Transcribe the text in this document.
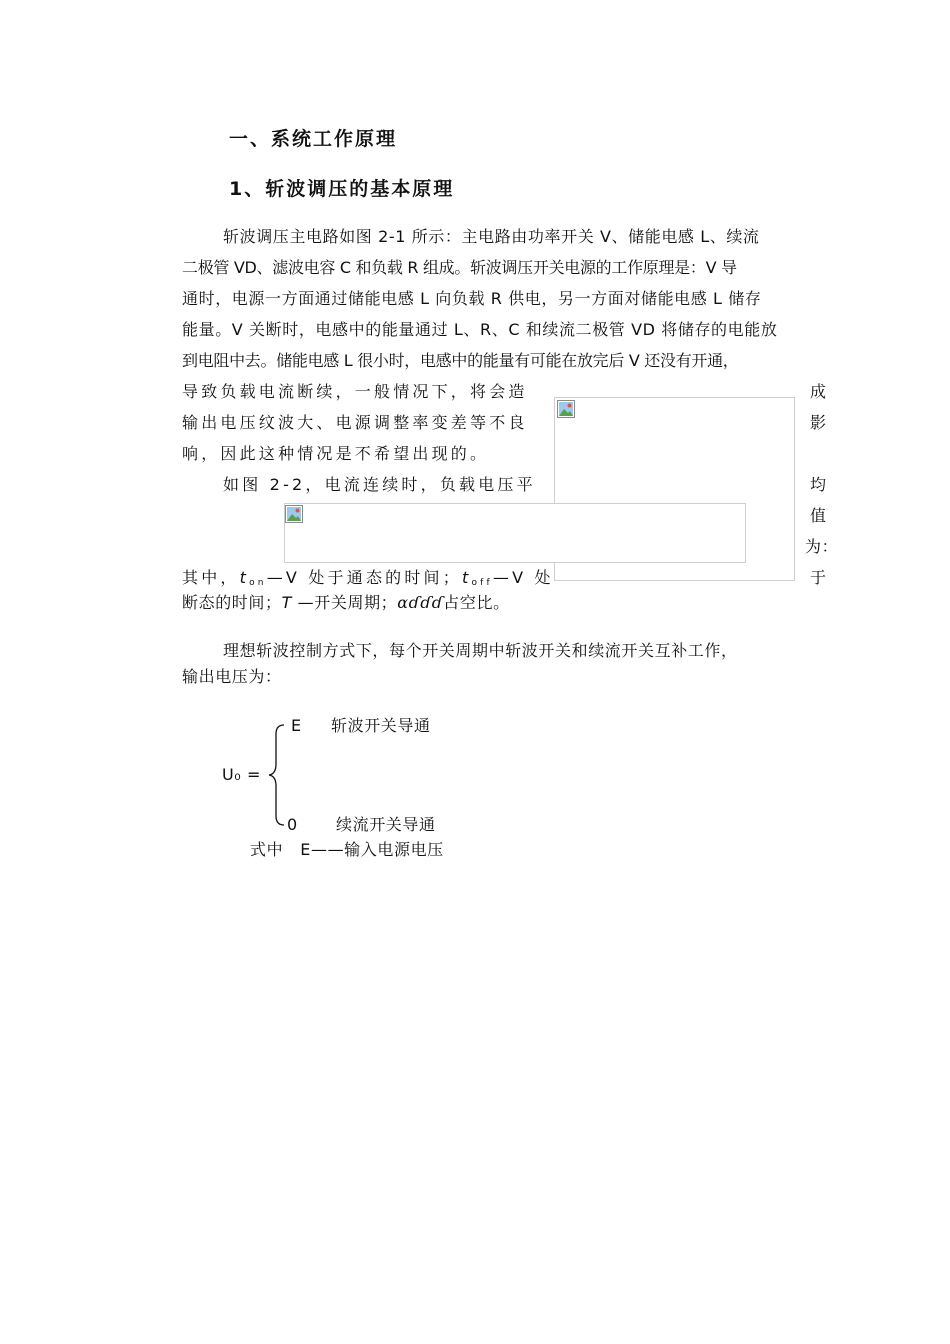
一、系统工作原理
1、斩波调压的基本原理
斩波调压主电路如图 2-1 所示：主电路由功率开关 V、储能电感 L、续流
二极管 VD、滤波电容 C 和负载 R 组成。斩波调压开关电源的工作原理是：V 导
通时，电源一方面通过储能电感 L 向负载 R 供电，另一方面对储能电感 L 储存
能量。V 关断时，电感中的能量通过 L、R、C 和续流二极管 VD 将储存的电能放
到电阻中去。储能电感 L 很小时，电感中的能量有可能在放完后 V 还没有开通，
导致负载电流断续，一般情况下，将会造	成
输出电压纹波大、电源调整率变差等不良	影
响，因此这种情况是不希望出现的。
如图 2-2，电流连续时，负载电压平	均
值
为：
其中，$t_{on}—V$ 处于通态的时间；$t_{off}—V$ 处	于
断态的时间；T —开关周期；ɑɗɗɗ占空比。
理想斩波控制方式下，每个开关周期中斩波开关和续流开关互补工作，
输出电压为：
U₀ =
E 斩波开关导通
0 续流开关导通
式中   E——输入电源电压
